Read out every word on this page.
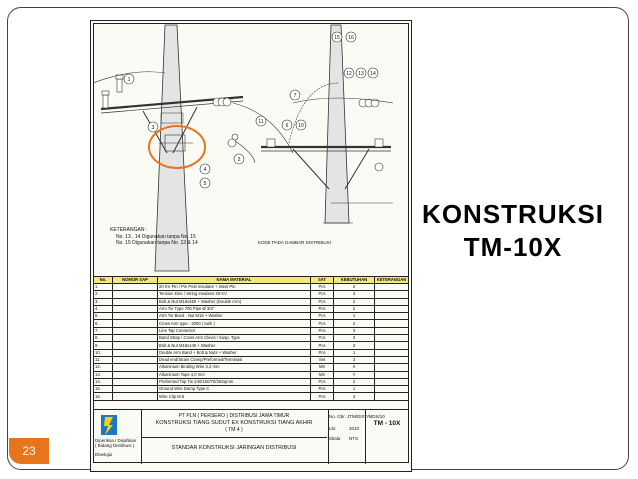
1
2
3
4
5
6
7
10
11
12 13 14
15 16
KETERANGAN :
No. 13 , 14 Digunakan tanpa No. 15
No. 15 Digunakan tanpa No. 13 & 14	KODE PADA GAMBAR DISTRIBUSI
No.	NOMOR SAP	NAMA MATERIAL	SAT	KEBUTUHAN	KETERANGAN
1.		20 KV Pin / Pin Post Insulator + Steel Pin	Pcs	2	
2.		Tension Disc / String Insulator 20 KV	Pcs	3	
3.		Bolt & Nut M16x460 + Washer (Double Arm)	Pcs	2	
4.		Arm Tie Type 700 Pipe Ø 3/4"	Pcs	2	
5.		Arm Tie Band , Nut M16 + Washer	Pcs	1	
6.		Cross Arm type - 2000 ( tarik )	Pcs	2	
7.		Line Tap Connector	Pcs	3	
8.		Band Strap / Cross Arm Clevis / Susp. Type	Pcs	3	
9.		Bolt & Nut M16x140 + Washer	Pcs	3	
10.		Double Arm Band + Bolt & Nuts + Washer	Pcs	1	
11.		Dead end/Strain Clamp/Preformed/Terminasi	Set	3	
12.		Alluminium Binding Wire 3,2 mm	Mtr	X	
13.		Alluminium Tape 4,0 mm	Mtr	Y	
14.		Preformed Top Tie 240/150/70/35Sqmm	Pcs	2	
15.		Ground Wire Damp Type C	Pcs	1	
16.		Wire Clip M.8	Pcs	4	
Diperiksa / Disahkan
( Bidang Distribusi )
Disetujui
PT PLN ( PERSERO ) DISTRIBUSI JAWA TIMUR
KONSTRUKSI TIANG SUDUT EX KONSTRUKSI TIANG AKHIR
( TM 4 )
STANDAR KONSTRUKSI JARINGAN DISTRIBUSI
No. Gbr. JTM/DIST/MDS/10
Lbr.	2010
Skala NTS
TM - 10X
KONSTRUKSI
TM-10X
23
